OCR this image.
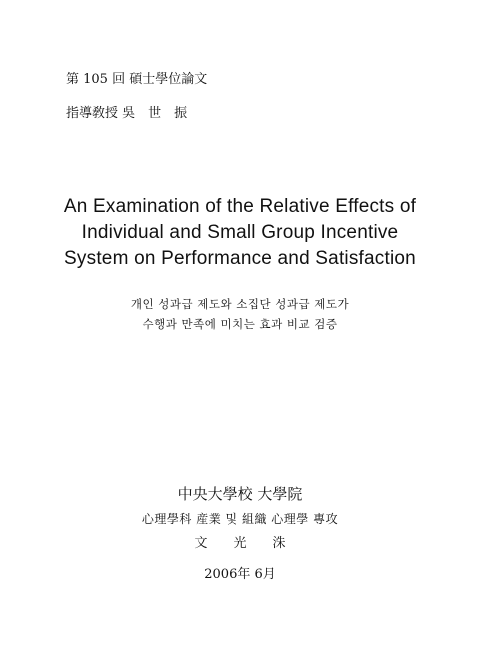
第 105 回 碩士學位論文
指導敎授 吳　世　振
An Examination of the Relative Effects of
Individual and Small Group Incentive
System on Performance and Satisfaction
개인 성과급 제도와 소집단 성과급 제도가
수행과 만족에 미치는 효과 비교 검증
中央大學校 大學院
心理學科 産業 및 組織 心理學 專攻
文　　光　　洙
2006年 6月
